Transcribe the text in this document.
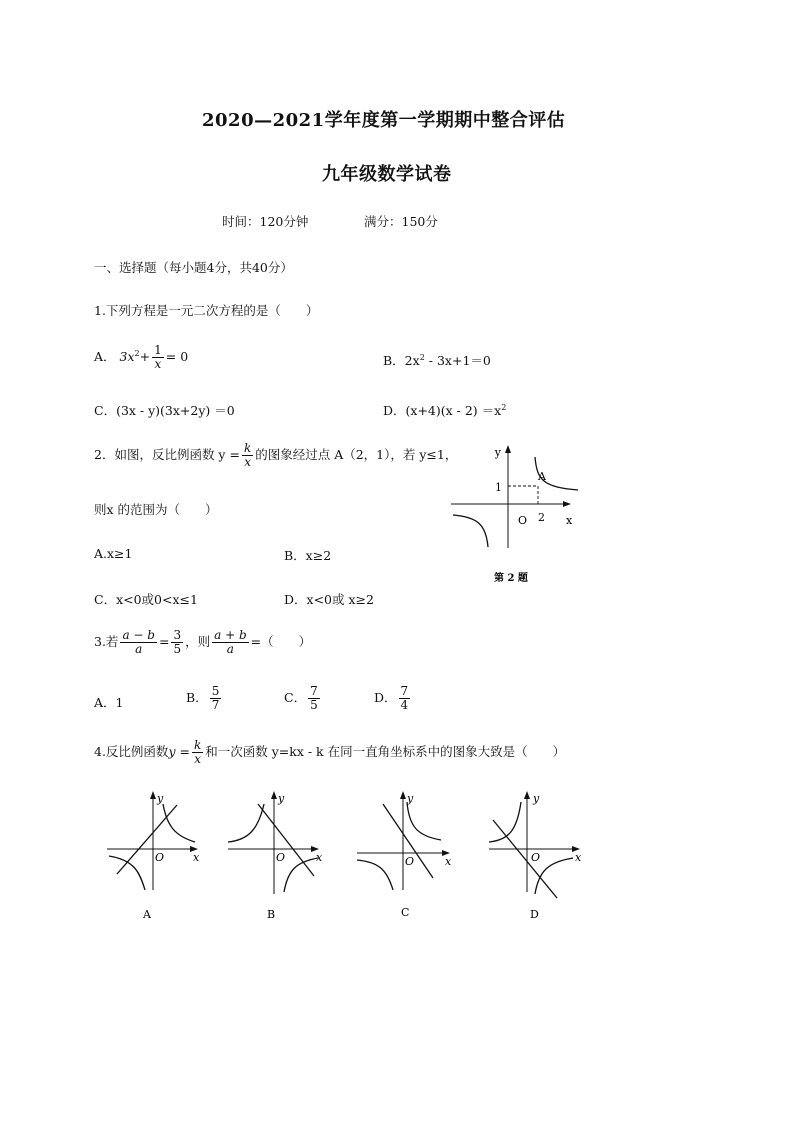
2020—2021学年度第一学期期中整合评估
九年级数学试卷
时间：120分钟	满分：150分
一、选择题（每小题4分，共40分）
1.下列方程是一元二次方程的是（　　）
A． $3x^2+ \frac{1}{x} = 0$	B．$2x^2 - 3x+1=0$
C．(3x - y)(3x+2y) ＝0	D．$(x+4)(x - 2) =x^2$
2．如图，反比例函数 $y = \frac{k}{x}$ 的图象经过点 A（2，1），若 y≤1，
则x 的范围为（　　）
y
x
O
1
2
A
第 2 题
A.x≥1	B．x≥2
C．x<0或0<x≤1	D．x<0或 x≥2
3.若 $\frac{a - b}{a} = \frac{3}{5}$ ，则 $\frac{a + b}{a}$ =（　　）
A．1	B． $\frac{5}{7}$	C． $\frac{7}{5}$	D． $\frac{7}{4}$
4.反比例函数$y = \frac{k}{x}$ 和一次函数 y=kx - k 在同一直角坐标系中的图象大致是（　　）
y
x
O
A
y
x
O
B
y
x
O
C
y
x
O
D
